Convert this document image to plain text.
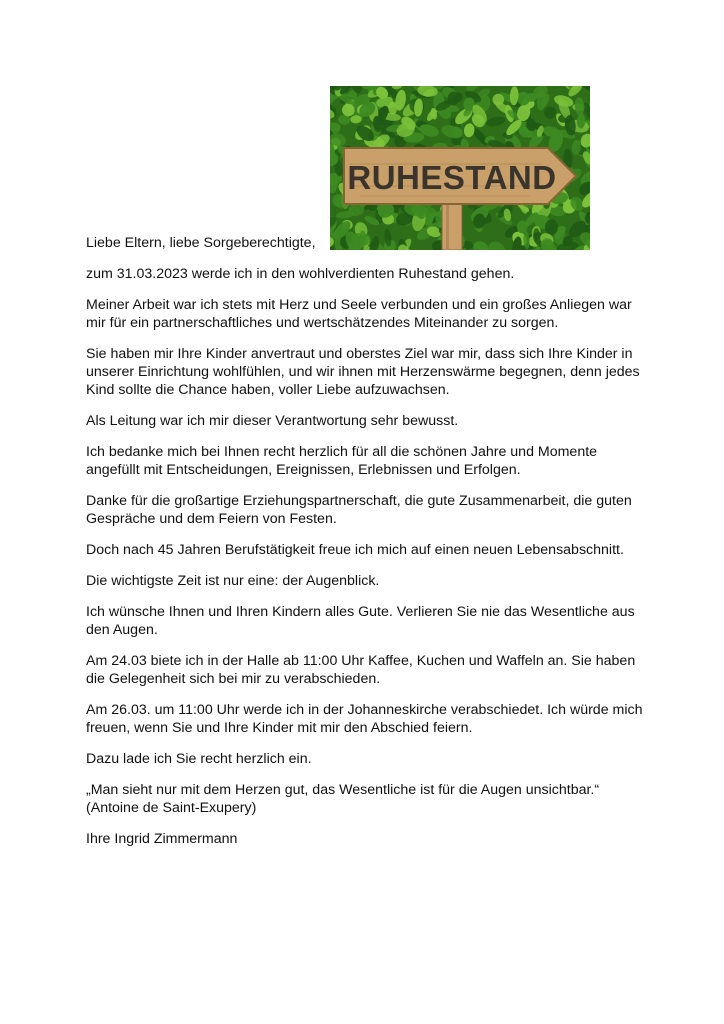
RUHESTAND
Liebe Eltern, liebe Sorgeberechtigte,

zum 31.03.2023 werde ich in den wohlverdienten Ruhestand gehen.

Meiner Arbeit war ich stets mit Herz und Seele verbunden und ein großes Anliegen war mir für ein partnerschaftliches und wertschätzendes Miteinander zu sorgen.

Sie haben mir Ihre Kinder anvertraut und oberstes Ziel war mir, dass sich Ihre Kinder in unserer Einrichtung wohlfühlen, und wir ihnen mit Herzenswärme begegnen, denn jedes Kind sollte die Chance haben, voller Liebe aufzuwachsen.

Als Leitung war ich mir dieser Verantwortung sehr bewusst.

Ich bedanke mich bei Ihnen recht herzlich für all die schönen Jahre und Momente angefüllt mit Entscheidungen, Ereignissen, Erlebnissen und Erfolgen.

Danke für die großartige Erziehungspartnerschaft, die gute Zusammenarbeit, die guten Gespräche und dem Feiern von Festen.

Doch nach 45 Jahren Berufstätigkeit freue ich mich auf einen neuen Lebensabschnitt.

Die wichtigste Zeit ist nur eine: der Augenblick.

Ich wünsche Ihnen und Ihren Kindern alles Gute. Verlieren Sie nie das Wesentliche aus den Augen.

Am 24.03 biete ich in der Halle ab 11:00 Uhr Kaffee, Kuchen und Waffeln an. Sie haben die Gelegenheit sich bei mir zu verabschieden.

Am 26.03. um 11:00 Uhr werde ich in der Johanneskirche verabschiedet. Ich würde mich freuen, wenn Sie und Ihre Kinder mit mir den Abschied feiern.

Dazu lade ich Sie recht herzlich ein.

„Man sieht nur mit dem Herzen gut, das Wesentliche ist für die Augen unsichtbar.“
(Antoine de Saint-Exupery)

Ihre Ingrid Zimmermann
